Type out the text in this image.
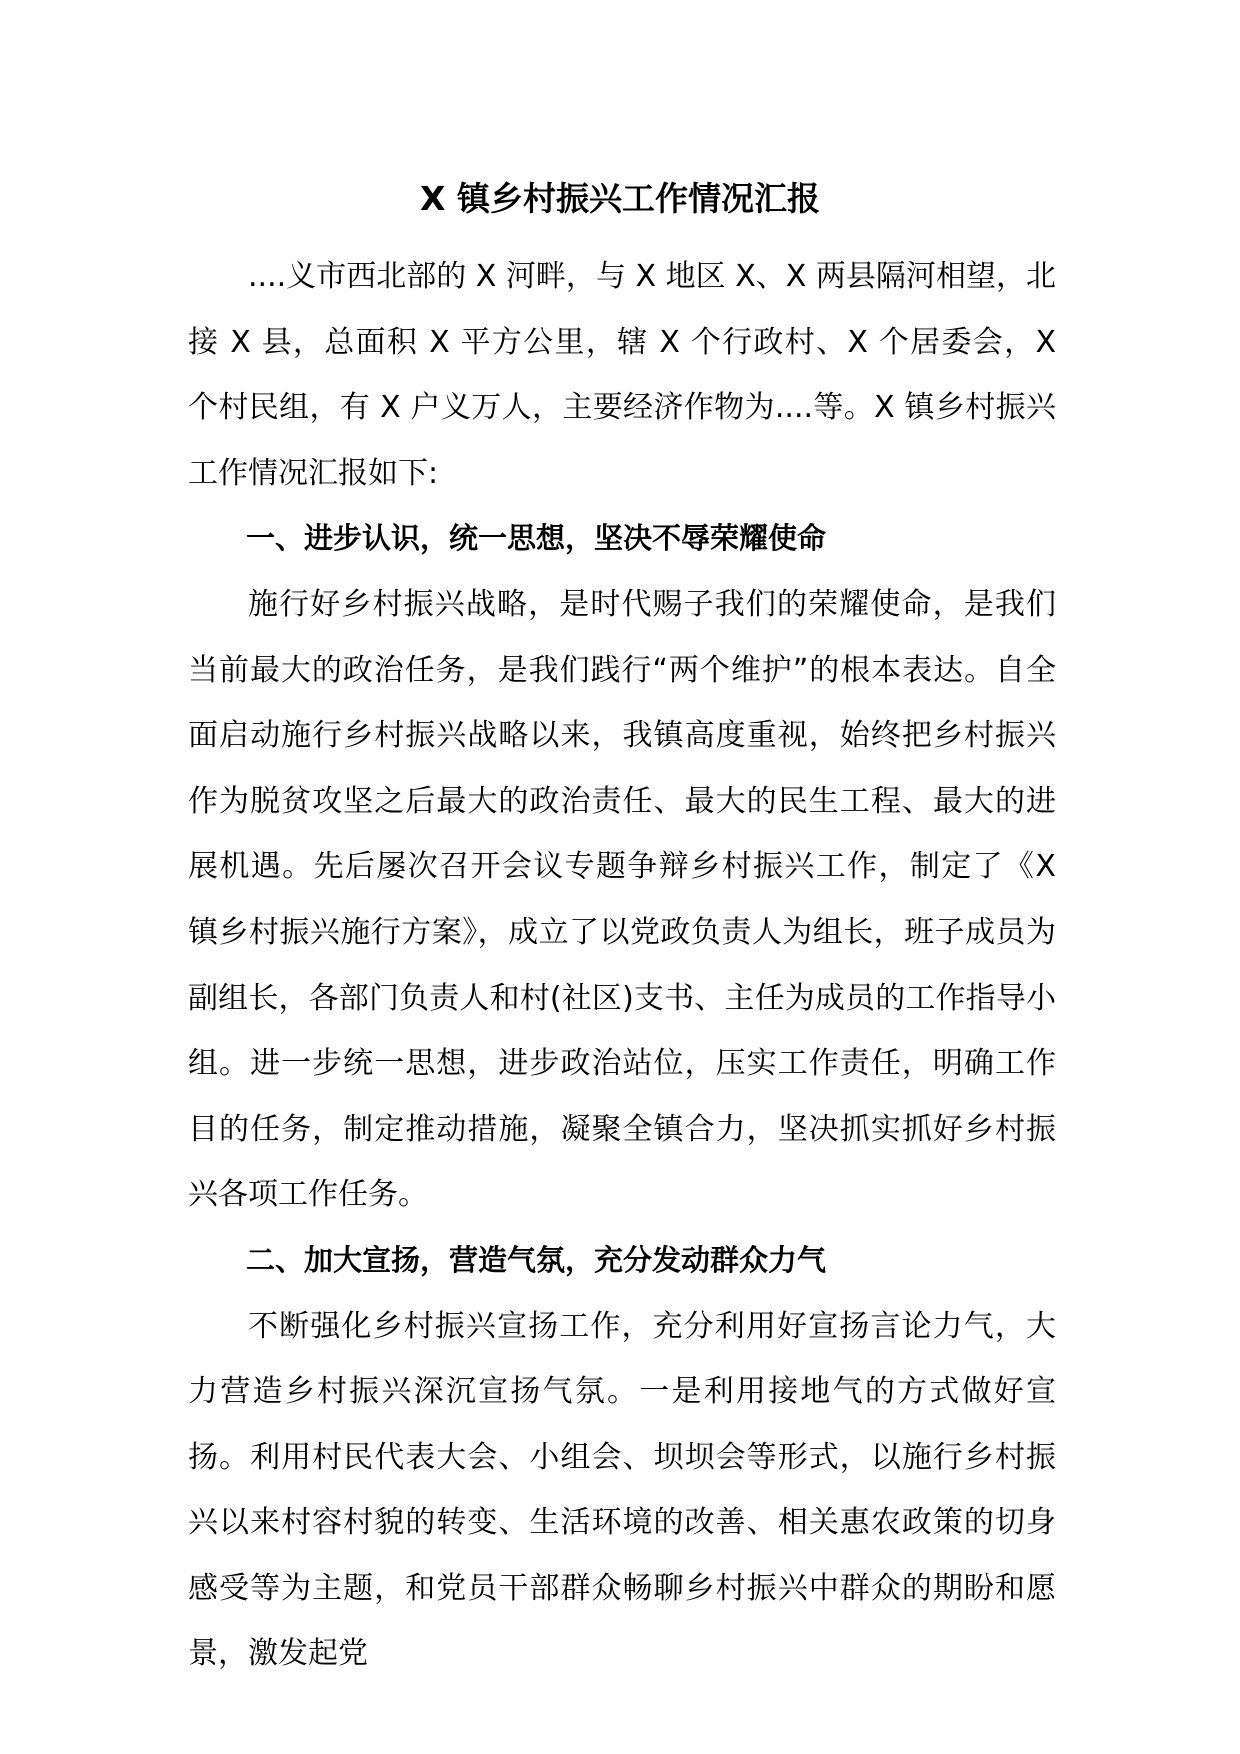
X 镇乡村振兴工作情况汇报

....义市西北部的 X 河畔，与 X 地区 X、X 两县隔河相望，北接 X 县，总面积 X 平方公里，辖 X 个行政村、X 个居委会，X 个村民组，有 X 户义万人，主要经济作物为....等。X 镇乡村振兴工作情况汇报如下:

一、进步认识，统一思想，坚决不辱荣耀使命

施行好乡村振兴战略，是时代赐子我们的荣耀使命，是我们当前最大的政治任务，是我们践行“两个维护”的根本表达。自全面启动施行乡村振兴战略以来，我镇高度重视，始终把乡村振兴作为脱贫攻坚之后最大的政治责任、最大的民生工程、最大的进展机遇。先后屡次召开会议专题争辩乡村振兴工作，制定了《X 镇乡村振兴施行方案》，成立了以党政负责人为组长，班子成员为副组长，各部门负责人和村(社区)支书、主任为成员的工作指导小组。进一步统一思想，进步政治站位，压实工作责任，明确工作目的任务，制定推动措施，凝聚全镇合力，坚决抓实抓好乡村振兴各项工作任务。

二、加大宣扬，营造气氛，充分发动群众力气

不断强化乡村振兴宣扬工作，充分利用好宣扬言论力气，大力营造乡村振兴深沉宣扬气氛。一是利用接地气的方式做好宣扬。利用村民代表大会、小组会、坝坝会等形式，以施行乡村振兴以来村容村貌的转变、生活环境的改善、相关惠农政策的切身感受等为主题，和党员干部群众畅聊乡村振兴中群众的期盼和愿景，激发起党
